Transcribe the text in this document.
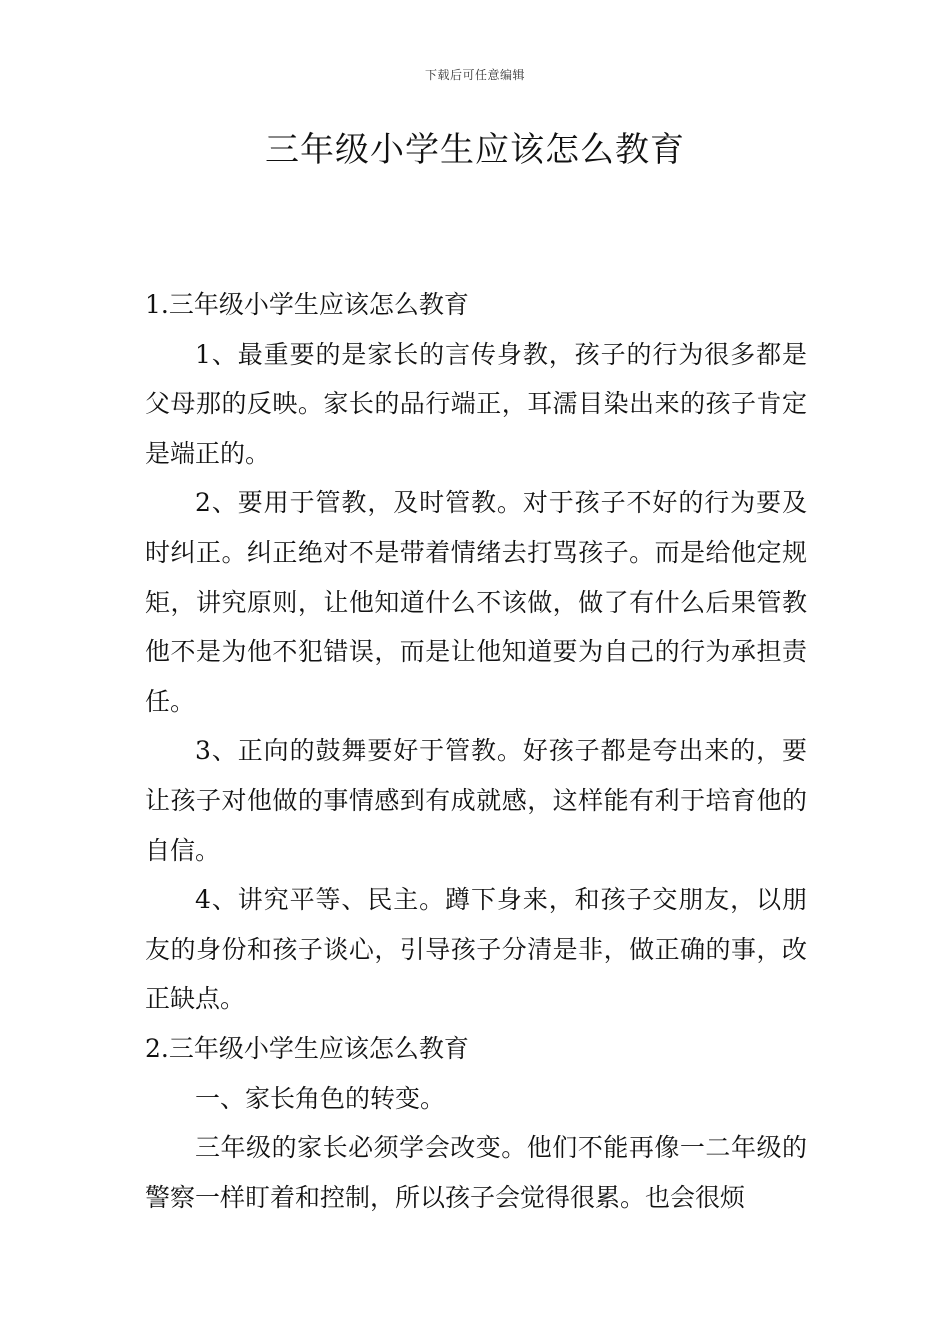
下载后可任意编辑
三年级小学生应该怎么教育

1.三年级小学生应该怎么教育

1、最重要的是家长的言传身教，孩子的行为很多都是父母那的反映。家长的品行端正，耳濡目染出来的孩子肯定是端正的。

2、要用于管教，及时管教。对于孩子不好的行为要及时纠正。纠正绝对不是带着情绪去打骂孩子。而是给他定规矩，讲究原则，让他知道什么不该做，做了有什么后果管教他不是为他不犯错误，而是让他知道要为自己的行为承担责任。

3、正向的鼓舞要好于管教。好孩子都是夸出来的，要让孩子对他做的事情感到有成就感，这样能有利于培育他的自信。

4、讲究平等、民主。蹲下身来，和孩子交朋友，以朋友的身份和孩子谈心，引导孩子分清是非，做正确的事，改正缺点。

2.三年级小学生应该怎么教育

一、家长角色的转变。

三年级的家长必须学会改变。他们不能再像一二年级的警察一样盯着和控制，所以孩子会觉得很累。也会很烦
